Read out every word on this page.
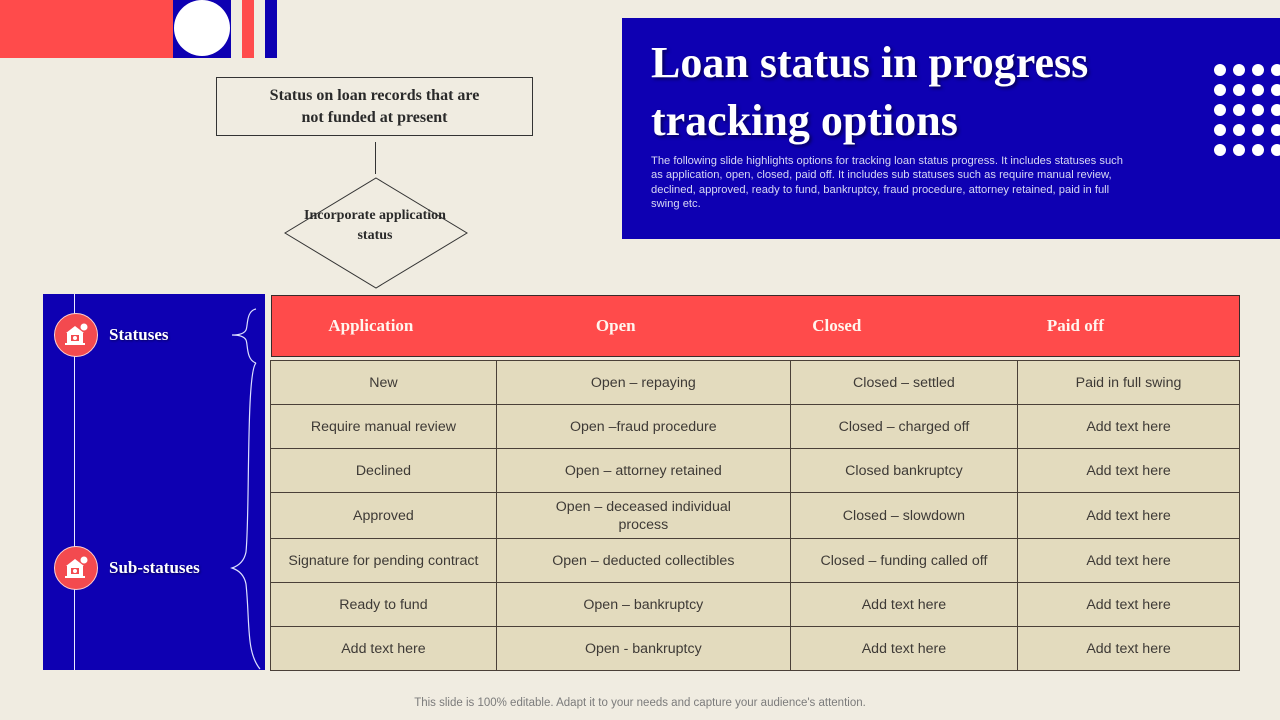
Loan status in progress tracking options
The following slide highlights options for tracking loan status progress. It includes statuses such as application, open, closed, paid off. It includes sub statuses such as require manual review, declined, approved, ready to fund, bankruptcy, fraud procedure, attorney retained, paid in full swing etc.
Status on loan records that are not funded at present
Incorporate application status
Statuses
Sub-statuses
Application	Open	Closed	Paid off
New	Open – repaying	Closed – settled	Paid in full swing
Require manual review	Open –fraud procedure	Closed – charged off	Add text here
Declined	Open – attorney retained	Closed bankruptcy	Add text here
Approved	Open – deceased individual process	Closed – slowdown	Add text here
Signature for pending contract	Open – deducted collectibles	Closed – funding called off	Add text here
Ready to fund	Open – bankruptcy	Add text here	Add text here
Add text here	Open - bankruptcy	Add text here	Add text here
This slide is 100% editable. Adapt it to your needs and capture your audience's attention.
